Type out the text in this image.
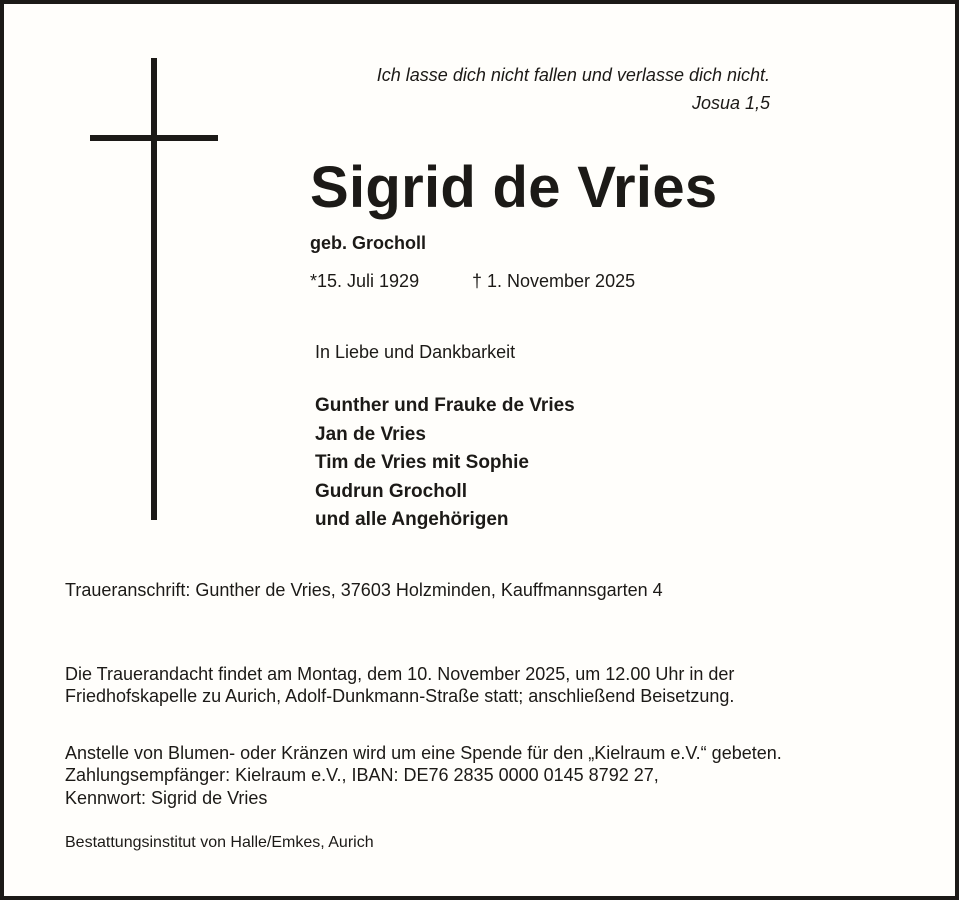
Ich lasse dich nicht fallen und verlasse dich nicht.
Josua 1,5
Sigrid de Vries
geb. Grocholl
*15. Juli 1929	† 1. November 2025
In Liebe und Dankbarkeit
Gunther und Frauke de Vries
Jan de Vries
Tim de Vries mit Sophie
Gudrun Grocholl
und alle Angehörigen
Traueranschrift: Gunther de Vries, 37603 Holzminden, Kauffmannsgarten 4
Die Trauerandacht findet am Montag, dem 10. November 2025, um 12.00 Uhr in der
Friedhofskapelle zu Aurich, Adolf-Dunkmann-Straße statt; anschließend Beisetzung.
Anstelle von Blumen- oder Kränzen wird um eine Spende für den „Kielraum e.V.“ gebeten.
Zahlungsempfänger: Kielraum e.V., IBAN: DE76 2835 0000 0145 8792 27,
Kennwort: Sigrid de Vries
Bestattungsinstitut von Halle/Emkes, Aurich
